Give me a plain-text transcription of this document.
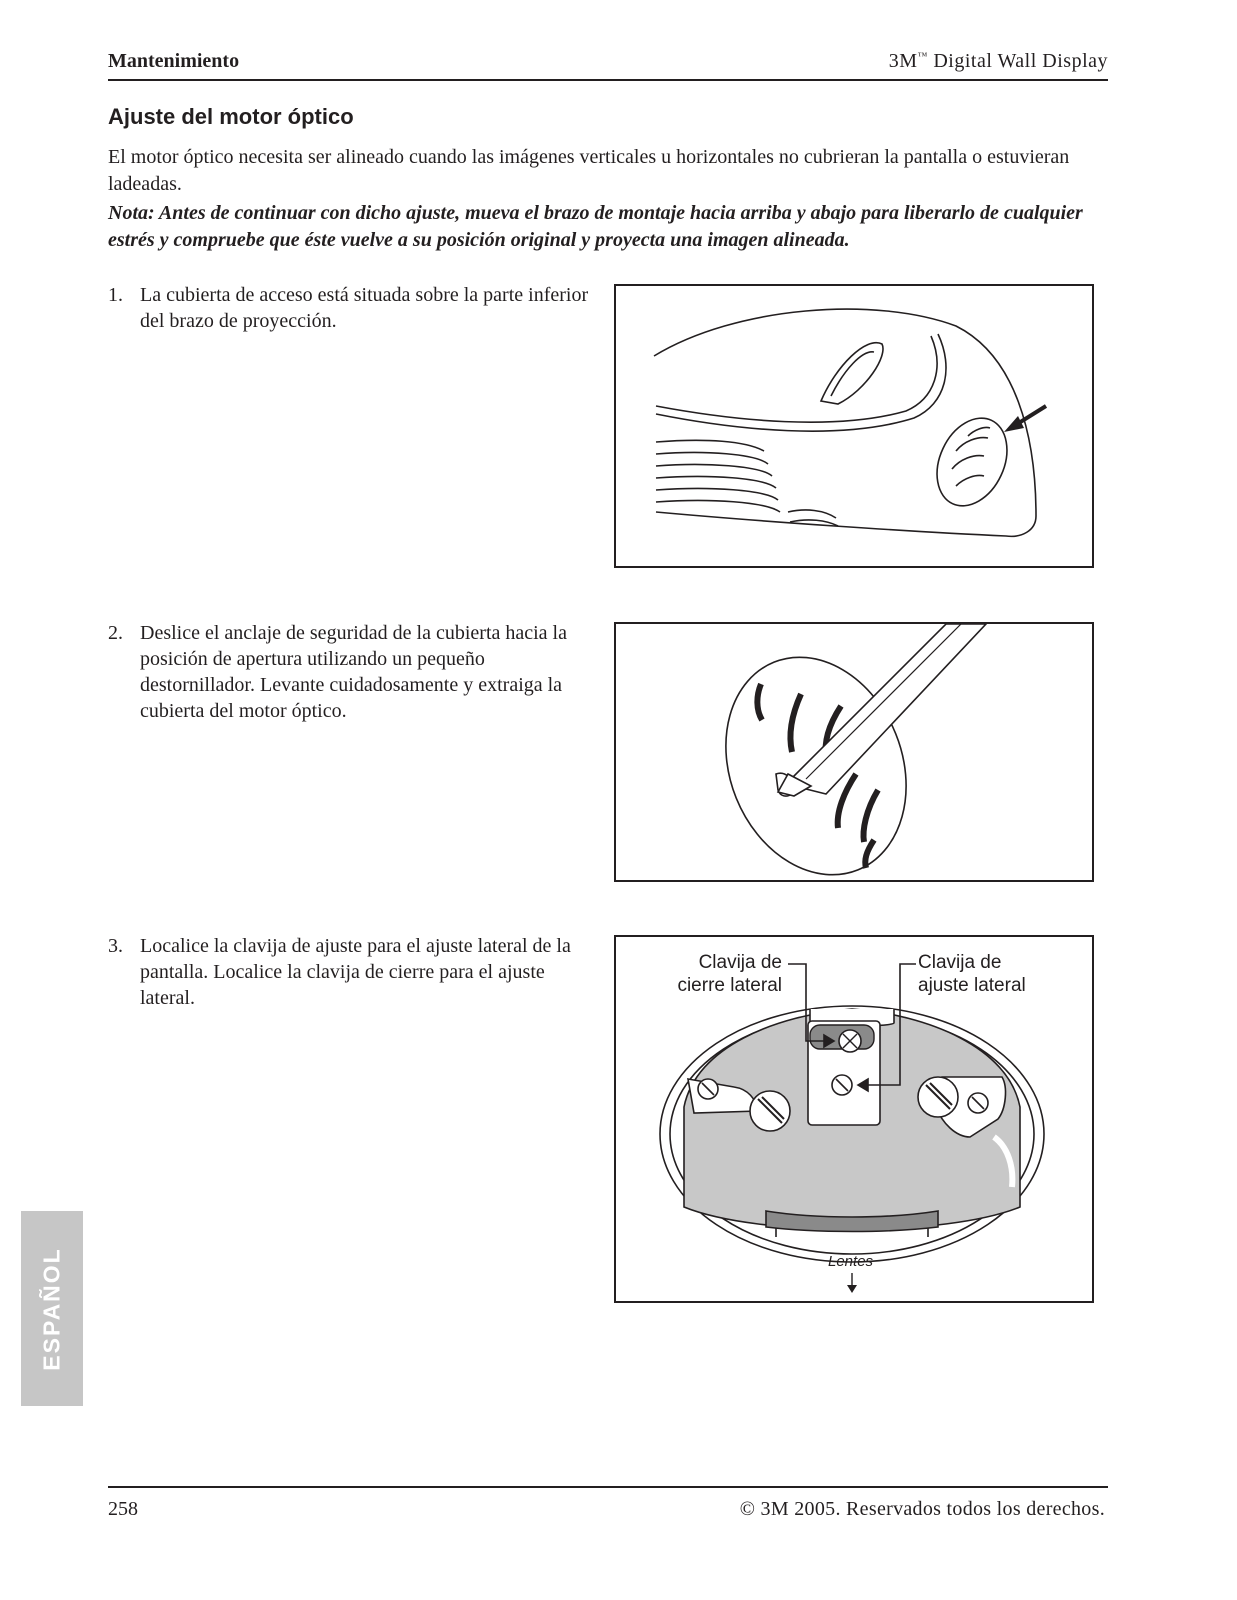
Mantenimiento	3M™ Digital Wall Display
Ajuste del motor óptico

El motor óptico necesita ser alineado cuando las imágenes verticales u horizontales no cubrieran la pantalla o estuvieran ladeadas.

Nota: Antes de continuar con dicho ajuste, mueva el brazo de montaje hacia arriba y abajo para liberarlo de cualquier estrés y compruebe que éste vuelve a su posición original y proyecta una imagen alineada.

1. La cubierta de acceso está situada sobre la parte inferior del brazo de proyección.
2. Deslice el anclaje de seguridad de la cubierta hacia la posición de apertura utilizando un pequeño destornillador. Levante cuidadosamente y extraiga la cubierta del motor óptico.
3. Localice la clavija de ajuste para el ajuste lateral de la pantalla. Localice la clavija de cierre para el ajuste lateral.
Clavija de
cierre lateral
Clavija de
ajuste lateral
Lentes
ESPAÑOL
258	© 3M 2005. Reservados todos los derechos.
